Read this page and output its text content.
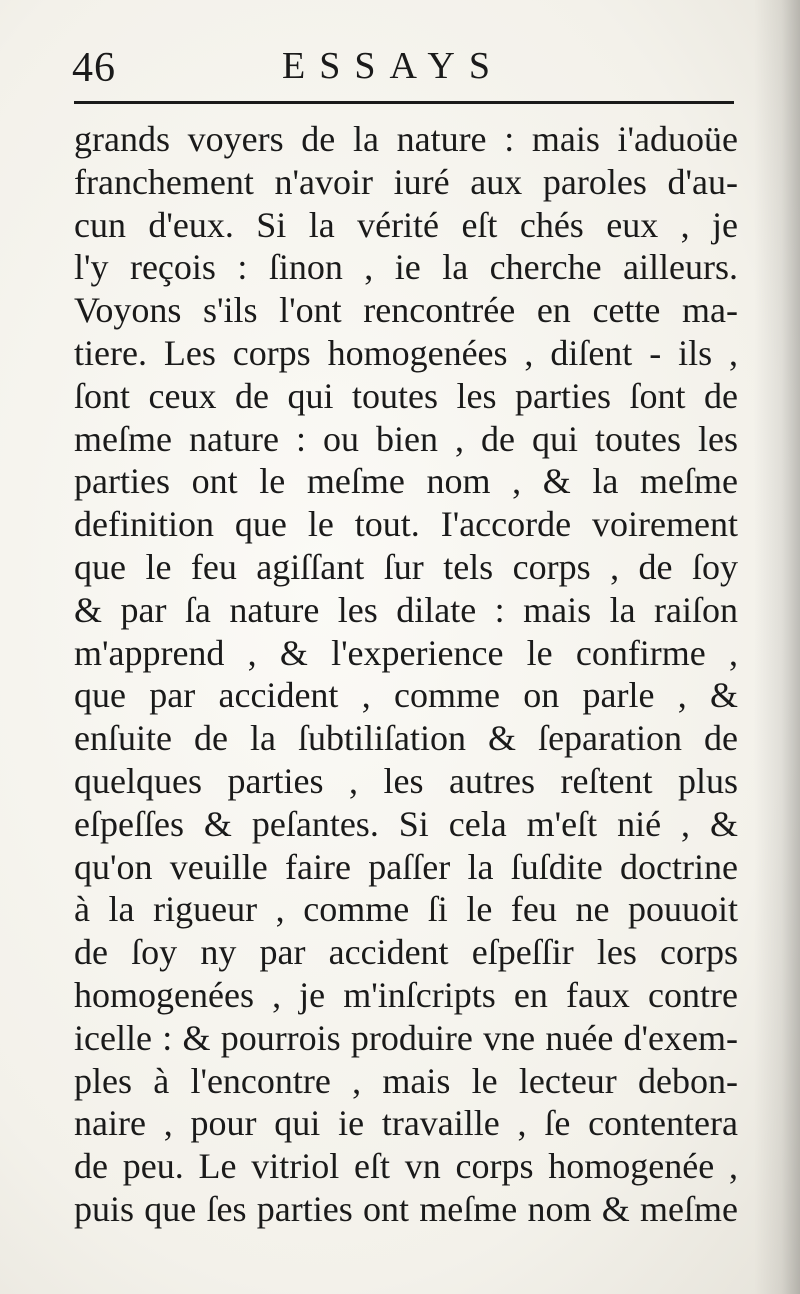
46	ESSAYS
grands voyers de la nature : mais i'aduoüe
franchement n'avoir iuré aux paroles d'au-
cun d'eux. Si la vérité eſt chés eux , je
l'y reçois : ſinon , ie la cherche ailleurs.
Voyons s'ils l'ont rencontrée en cette ma-
tiere. Les corps homogenées , diſent - ils ,
ſont ceux de qui toutes les parties ſont de
meſme nature : ou bien , de qui toutes les
parties ont le meſme nom , & la meſme
definition que le tout. I'accorde voirement
que le feu agiſſant ſur tels corps , de ſoy
& par ſa nature les dilate : mais la raiſon
m'apprend , & l'experience le confirme ,
que par accident , comme on parle , &
enſuite de la ſubtiliſation & ſeparation de
quelques parties , les autres reſtent plus
eſpeſſes & peſantes. Si cela m'eſt nié , &
qu'on veuille faire paſſer la ſuſdite doctrine
à la rigueur , comme ſi le feu ne pouuoit
de ſoy ny par accident eſpeſſir les corps
homogenées , je m'inſcripts en faux contre
icelle : & pourrois produire vne nuée d'exem-
ples à l'encontre , mais le lecteur debon-
naire , pour qui ie travaille , ſe contentera
de peu. Le vitriol eſt vn corps homogenée ,
puis que ſes parties ont meſme nom & meſme
